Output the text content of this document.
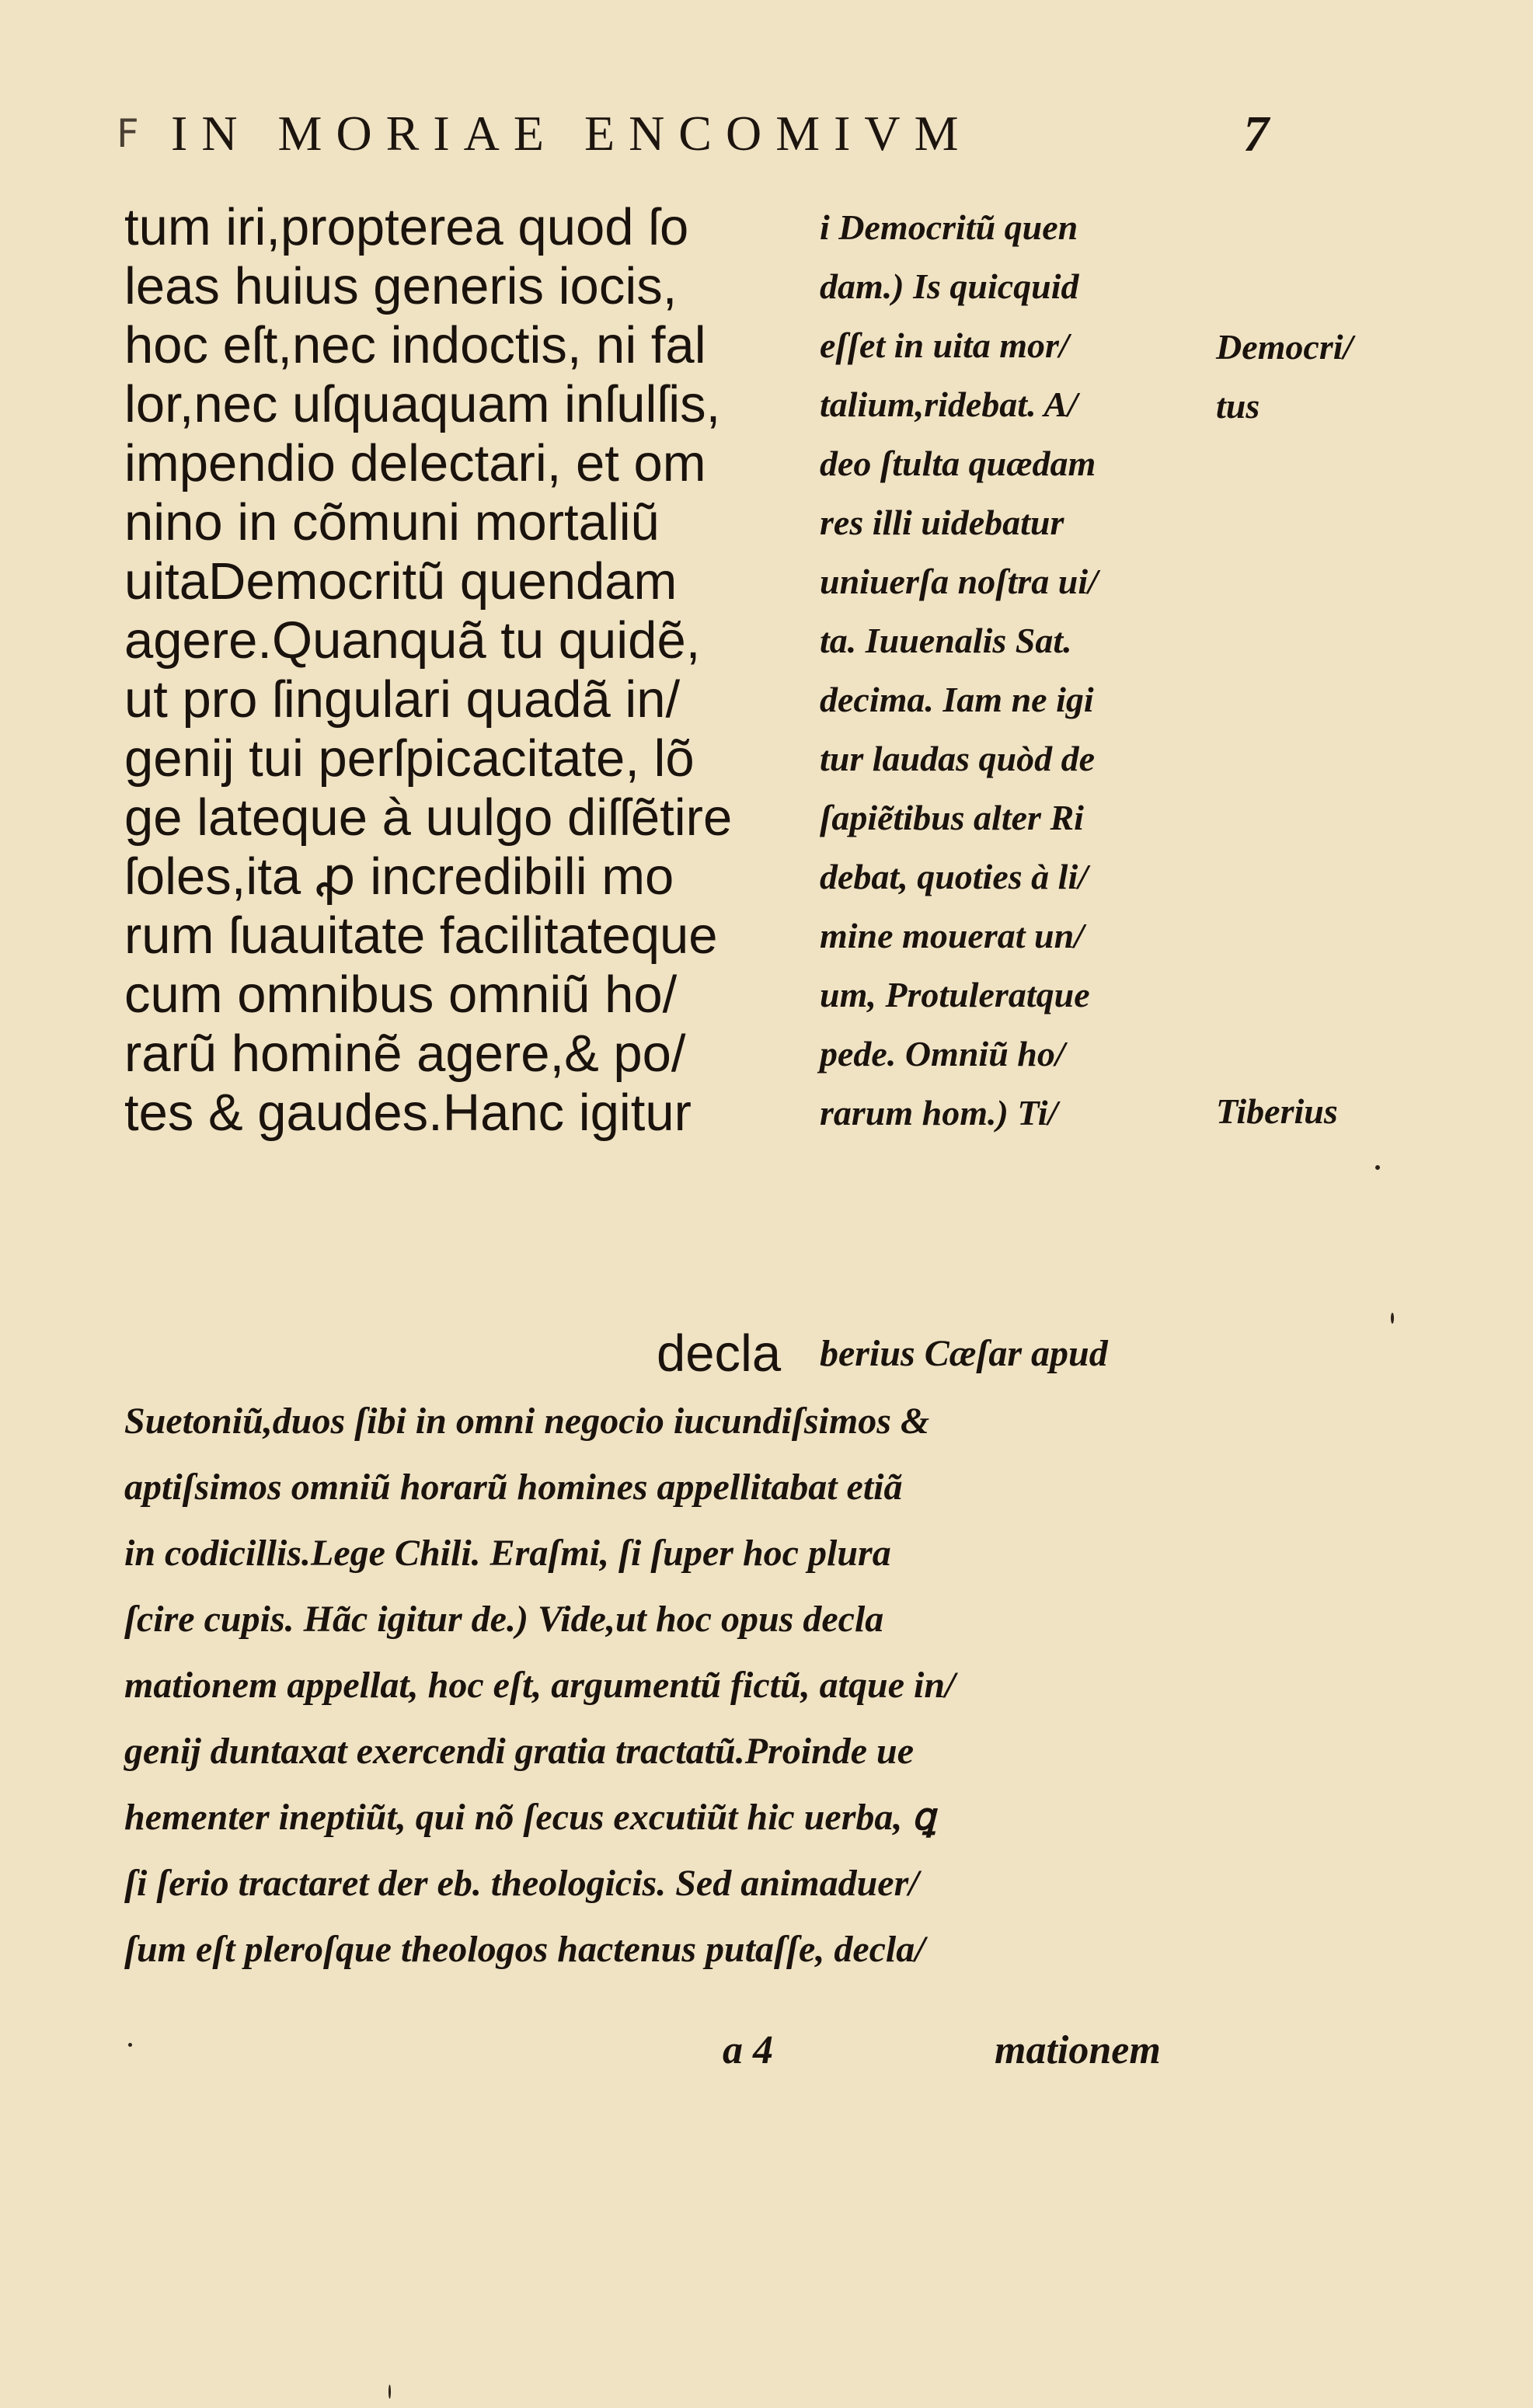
F IN MORIAE ENCOMIVM	7
tum iri,propterea quod ſo
leas huius generis iocis,
hoc eſt,nec indoctis, ni fal
lor,nec uſquaquam inſulſis,
impendio delectari, et om
nino in cõmuni mortaliũ
uitaDemocritũ quendam
agere.Quanquã tu quidẽ,
ut pro ſingulari quadã in/
genij tui perſpicacitate, lõ
ge lateque à uulgo diſſẽtire
ſoles,ita ꝓ incredibili mo
rum ſuauitate facilitateque
cum omnibus omniũ ho/
rarũ hominẽ agere,& po/
tes & gaudes.Hanc igitur
i Democritũ quen
dam.) Is quicquid
eſſet in uita mor/
talium,ridebat. A/
deo ſtulta quædam
res illi uidebatur
uniuerſa noſtra ui/
ta. Iuuenalis Sat.
decima. Iam ne igi
tur laudas quòd de
ſapiẽtibus alter Ri
debat, quoties à li/
mine mouerat un/
um, Protuleratque
pede. Omniũ ho/
rarum hom.) Ti/
Democri/
tus
Tiberius
decla berius Cæſar apud
Suetoniũ,duos ſibi in omni negocio iucundiſsimos &
aptiſsimos omniũ horarũ homines appellitabat etiã
in codicillis.Lege Chili. Eraſmi, ſi ſuper hoc plura
ſcire cupis. Hãc igitur de.) Vide,ut hoc opus decla
mationem appellat, hoc eſt, argumentũ fictũ, atque in/
genij duntaxat exercendi gratia tractatũ.Proinde ue
hementer ineptiũt, qui nõ ſecus excutiũt hic uerba, ꝗ
ſi ſerio tractaret der eb. theologicis. Sed animaduer/
ſum eſt pleroſque theologos hactenus putaſſe, decla/
a 4	mationem
